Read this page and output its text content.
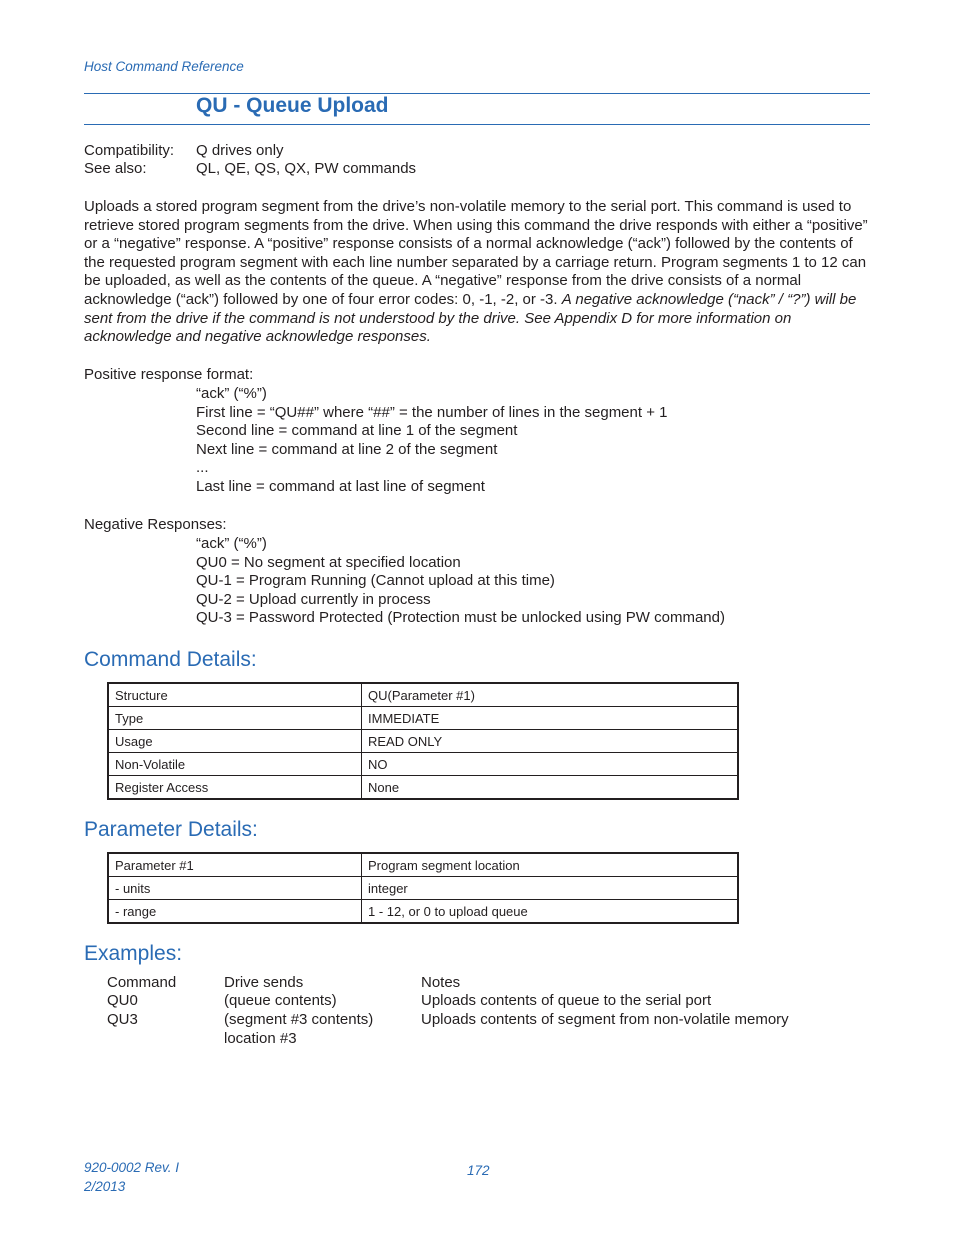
Host Command Reference
QU - Queue Upload
Compatibility: Q drives only
See also:	QL, QE, QS, QX, PW commands
Uploads a stored program segment from the drive’s non-volatile memory to the serial port. This command is used to retrieve stored program segments from the drive. When using this command the drive responds with either a “positive” or a “negative” response. A “positive” response consists of a normal acknowledge (“ack”) followed by the contents of the requested program segment with each line number separated by a carriage return. Program segments 1 to 12 can be uploaded, as well as the contents of the queue. A “negative” response from the drive consists of a normal acknowledge (“ack”) followed by one of four error codes: 0, -1, -2, or -3. A negative acknowledge (“nack” / “?”) will be sent from the drive if the command is not understood by the drive. See Appendix D for more information on acknowledge and negative acknowledge responses.
Positive response format:
“ack” (“%”)
First line = “QU##” where “##” = the number of lines in the segment + 1
Second line = command at line 1 of the segment
Next line = command at line 2 of the segment
...
Last line = command at last line of segment
Negative Responses:
“ack” (“%”)
QU0 = No segment at specified location
QU-1 = Program Running (Cannot upload at this time)
QU-2 = Upload currently in process
QU-3 = Password Protected (Protection must be unlocked using PW command)
Command Details:
Structure	QU(Parameter #1)
Type	IMMEDIATE
Usage	READ ONLY
Non-Volatile	NO
Register Access	None
Parameter Details:
Parameter #1	Program segment location
- units	integer
- range	1 - 12, or 0 to upload queue
Examples:
Command	Drive sends	Notes
QU0	(queue contents)	Uploads contents of queue to the serial port
QU3	(segment #3 contents)	Uploads contents of segment from non-volatile memory
location #3
920-0002 Rev. I
2/2013
172
